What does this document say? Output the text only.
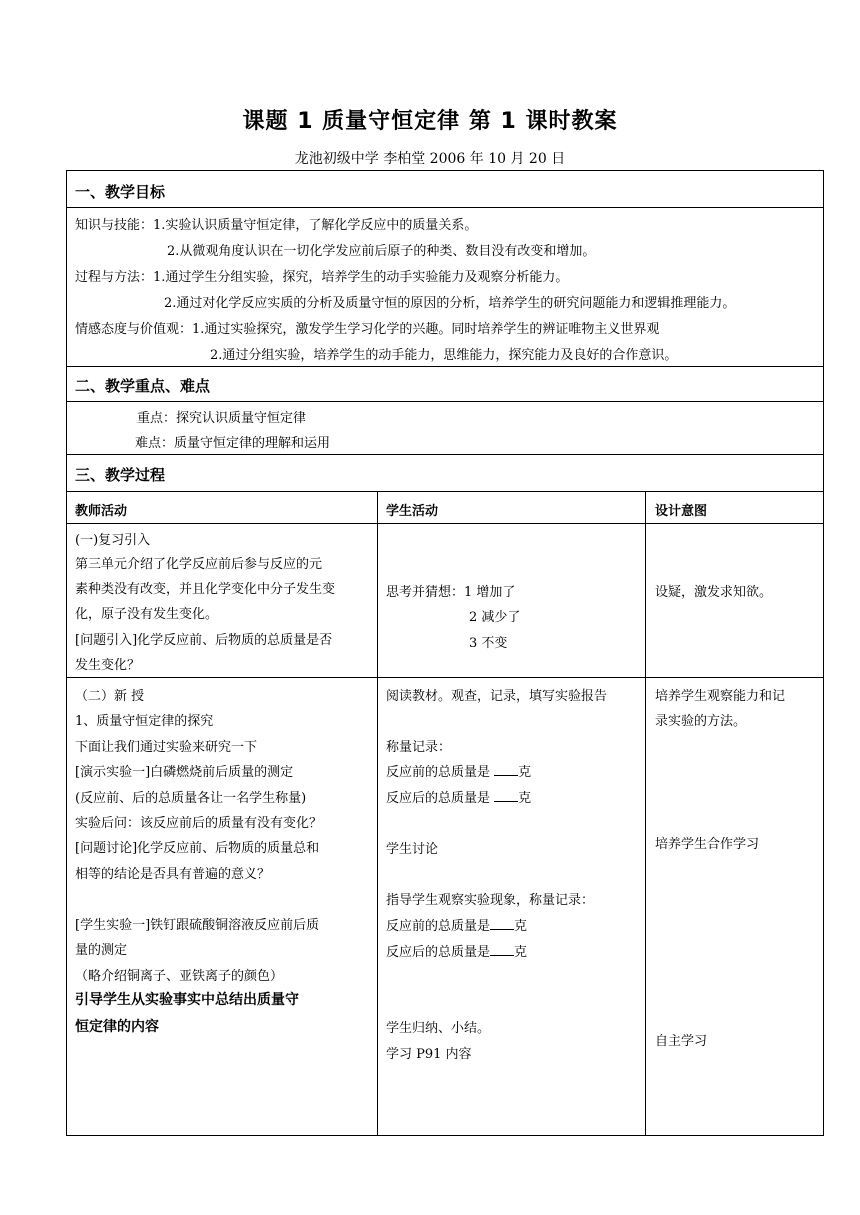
课题 1 质量守恒定律 第 1 课时教案
龙池初级中学 李柏堂 2006 年 10 月 20 日
一、教学目标
知识与技能：1.实验认识质量守恒定律，了解化学反应中的质量关系。
2.从微观角度认识在一切化学发应前后原子的种类、数目没有改变和增加。
过程与方法：1.通过学生分组实验，探究，培养学生的动手实验能力及观察分析能力。
2.通过对化学反应实质的分析及质量守恒的原因的分析，培养学生的研究问题能力和逻辑推理能力。
情感态度与价值观：1.通过实验探究，激发学生学习化学的兴趣。同时培养学生的辨证唯物主义世界观
2.通过分组实验，培养学生的动手能力，思维能力，探究能力及良好的合作意识。
二、教学重点、难点
重点：探究认识质量守恒定律
难点：质量守恒定律的理解和运用
三、教学过程
教师活动	学生活动	设计意图
(一)复习引入
第三单元介绍了化学反应前后参与反应的元
素种类没有改变，并且化学变化中分子发生变
化，原子没有发生变化。
[问题引入]化学反应前、后物质的总质量是否
发生变化？
思考并猜想：1 增加了
2 减少了
3 不变
设疑，激发求知欲。
（二）新 授
1、质量守恒定律的探究
下面让我们通过实验来研究一下
[演示实验一]白磷燃烧前后质量的测定
(反应前、后的总质量各让一名学生称量)
实验后问：该反应前后的质量有没有变化？
[问题讨论]化学反应前、后物质的质量总和
相等的结论是否具有普遍的意义？
[学生实验一]铁钉跟硫酸铜溶液反应前后质
量的测定
（略介绍铜离子、亚铁离子的颜色）
引导学生从实验事实中总结出质量守
恒定律的内容
阅读教材。观查，记录，填写实验报告
称量记录：
反应前的总质量是 克
反应后的总质量是 克
学生讨论
指导学生观察实验现象，称量记录：
反应前的总质量是 克
反应后的总质量是 克
学生归纳、小结。
学习 P91 内容
培养学生观察能力和记
录实验的方法。
培养学生合作学习
自主学习
